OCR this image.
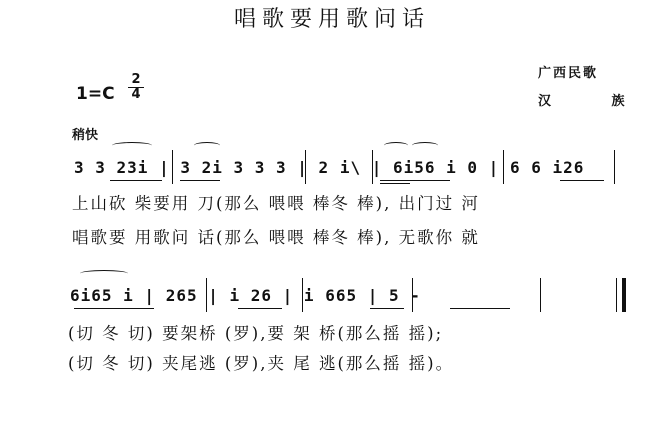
唱歌要用歌问话
1=C
2
4
广西民歌
汉 族
稍快
3 3 23i | 3 2i 3 3 3 | 2 i\ | 6i56 i 0 | 6 6 i26
上山砍 柴要用 刀(那么 喂喂 棒冬 棒), 出门过 河
唱歌要 用歌问 话(那么 喂喂 棒冬 棒), 无歌你 就
6i65 i | 265 | i 26 | i 665 | 5 -
(切 冬 切) 要架桥 (罗),要 架 桥(那么摇 摇);
(切 冬 切) 夹尾逃 (罗),夹 尾 逃(那么摇 摇)。
